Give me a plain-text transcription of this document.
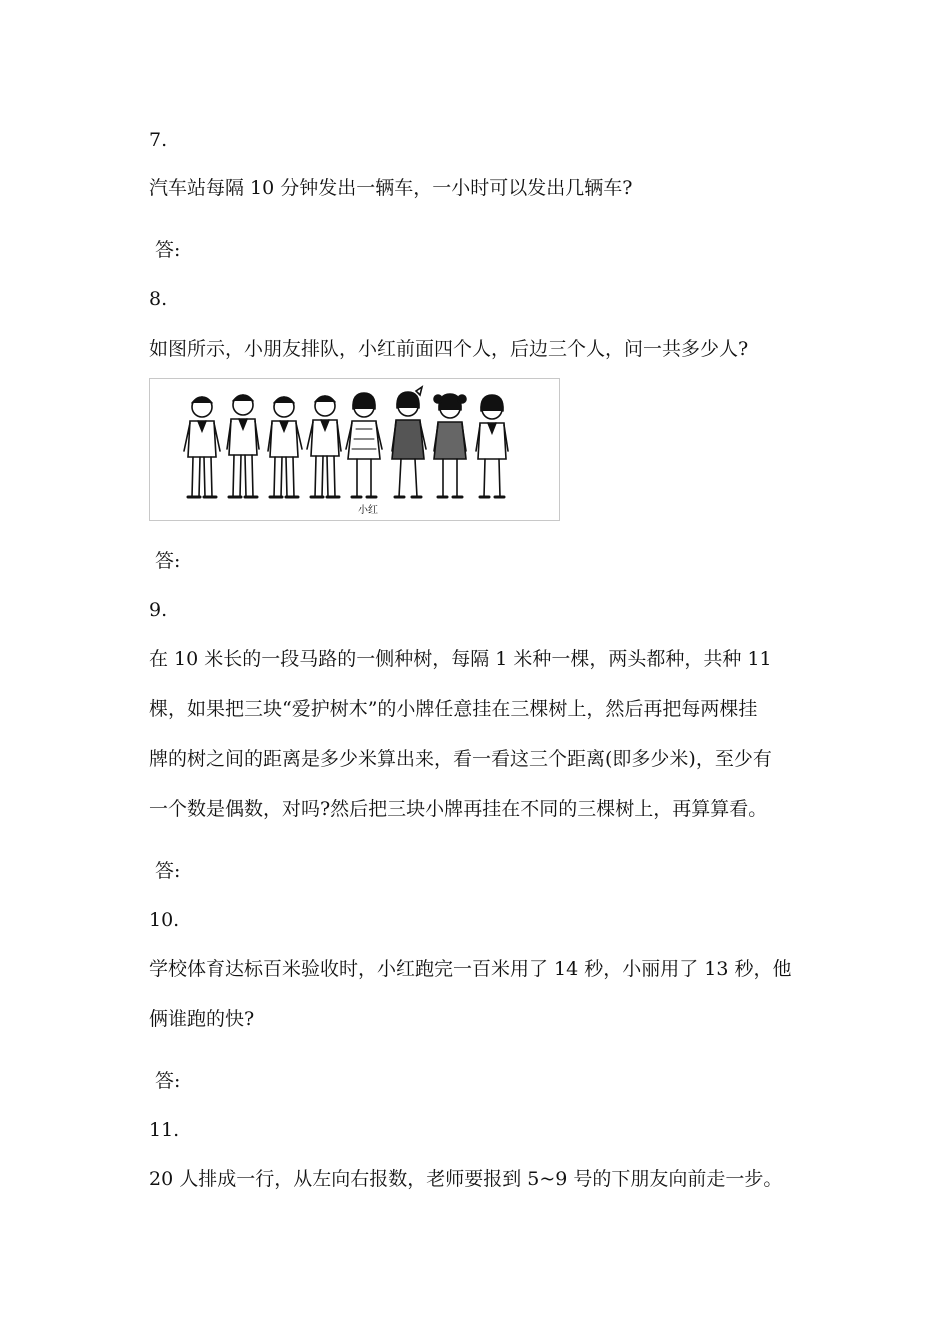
7.
汽车站每隔 10 分钟发出一辆车，一小时可以发出几辆车?
答:
8.
如图所示，小朋友排队，小红前面四个人，后边三个人，问一共多少人?
小红
答:
9.
在 10 米长的一段马路的一侧种树，每隔 1 米种一棵，两头都种，共种 11
棵，如果把三块“爱护树木”的小牌任意挂在三棵树上，然后再把每两棵挂
牌的树之间的距离是多少米算出来，看一看这三个距离(即多少米)，至少有
一个数是偶数，对吗?然后把三块小牌再挂在不同的三棵树上，再算算看。
答:
10.
学校体育达标百米验收时，小红跑完一百米用了 14 秒，小丽用了 13 秒，他
俩谁跑的快?
答:
11.
20 人排成一行，从左向右报数，老师要报到 5~9 号的下朋友向前走一步。
